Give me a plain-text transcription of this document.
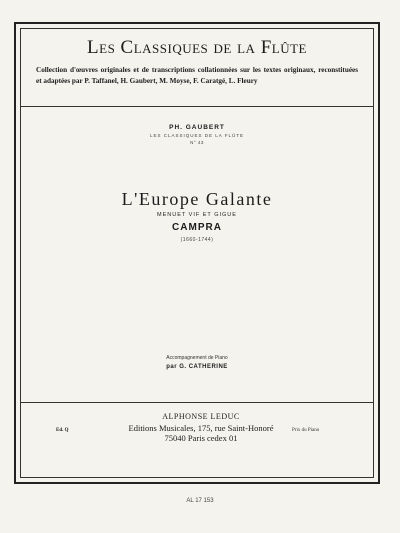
Les Classiques de la Flûte
Collection d'œuvres originales et de transcriptions collationnées sur les textes originaux, reconstituées
et adaptées par P. Taffanel, H. Gaubert, M. Moyse, F. Caratgé, L. Fleury
PH. GAUBERT
LES CLASSIQUES DE LA FLÛTE
N° 43
L'Europe Galante
MENUET VIF ET GIGUE
CAMPRA
(1660-1744)
Accompagnement de Piano
par G. CATHERINE
Ed. Q
ALPHONSE LEDUC
Editions Musicales, 175, rue Saint-Honoré
75040 Paris cedex 01
Prix du Piano
AL 17 153
